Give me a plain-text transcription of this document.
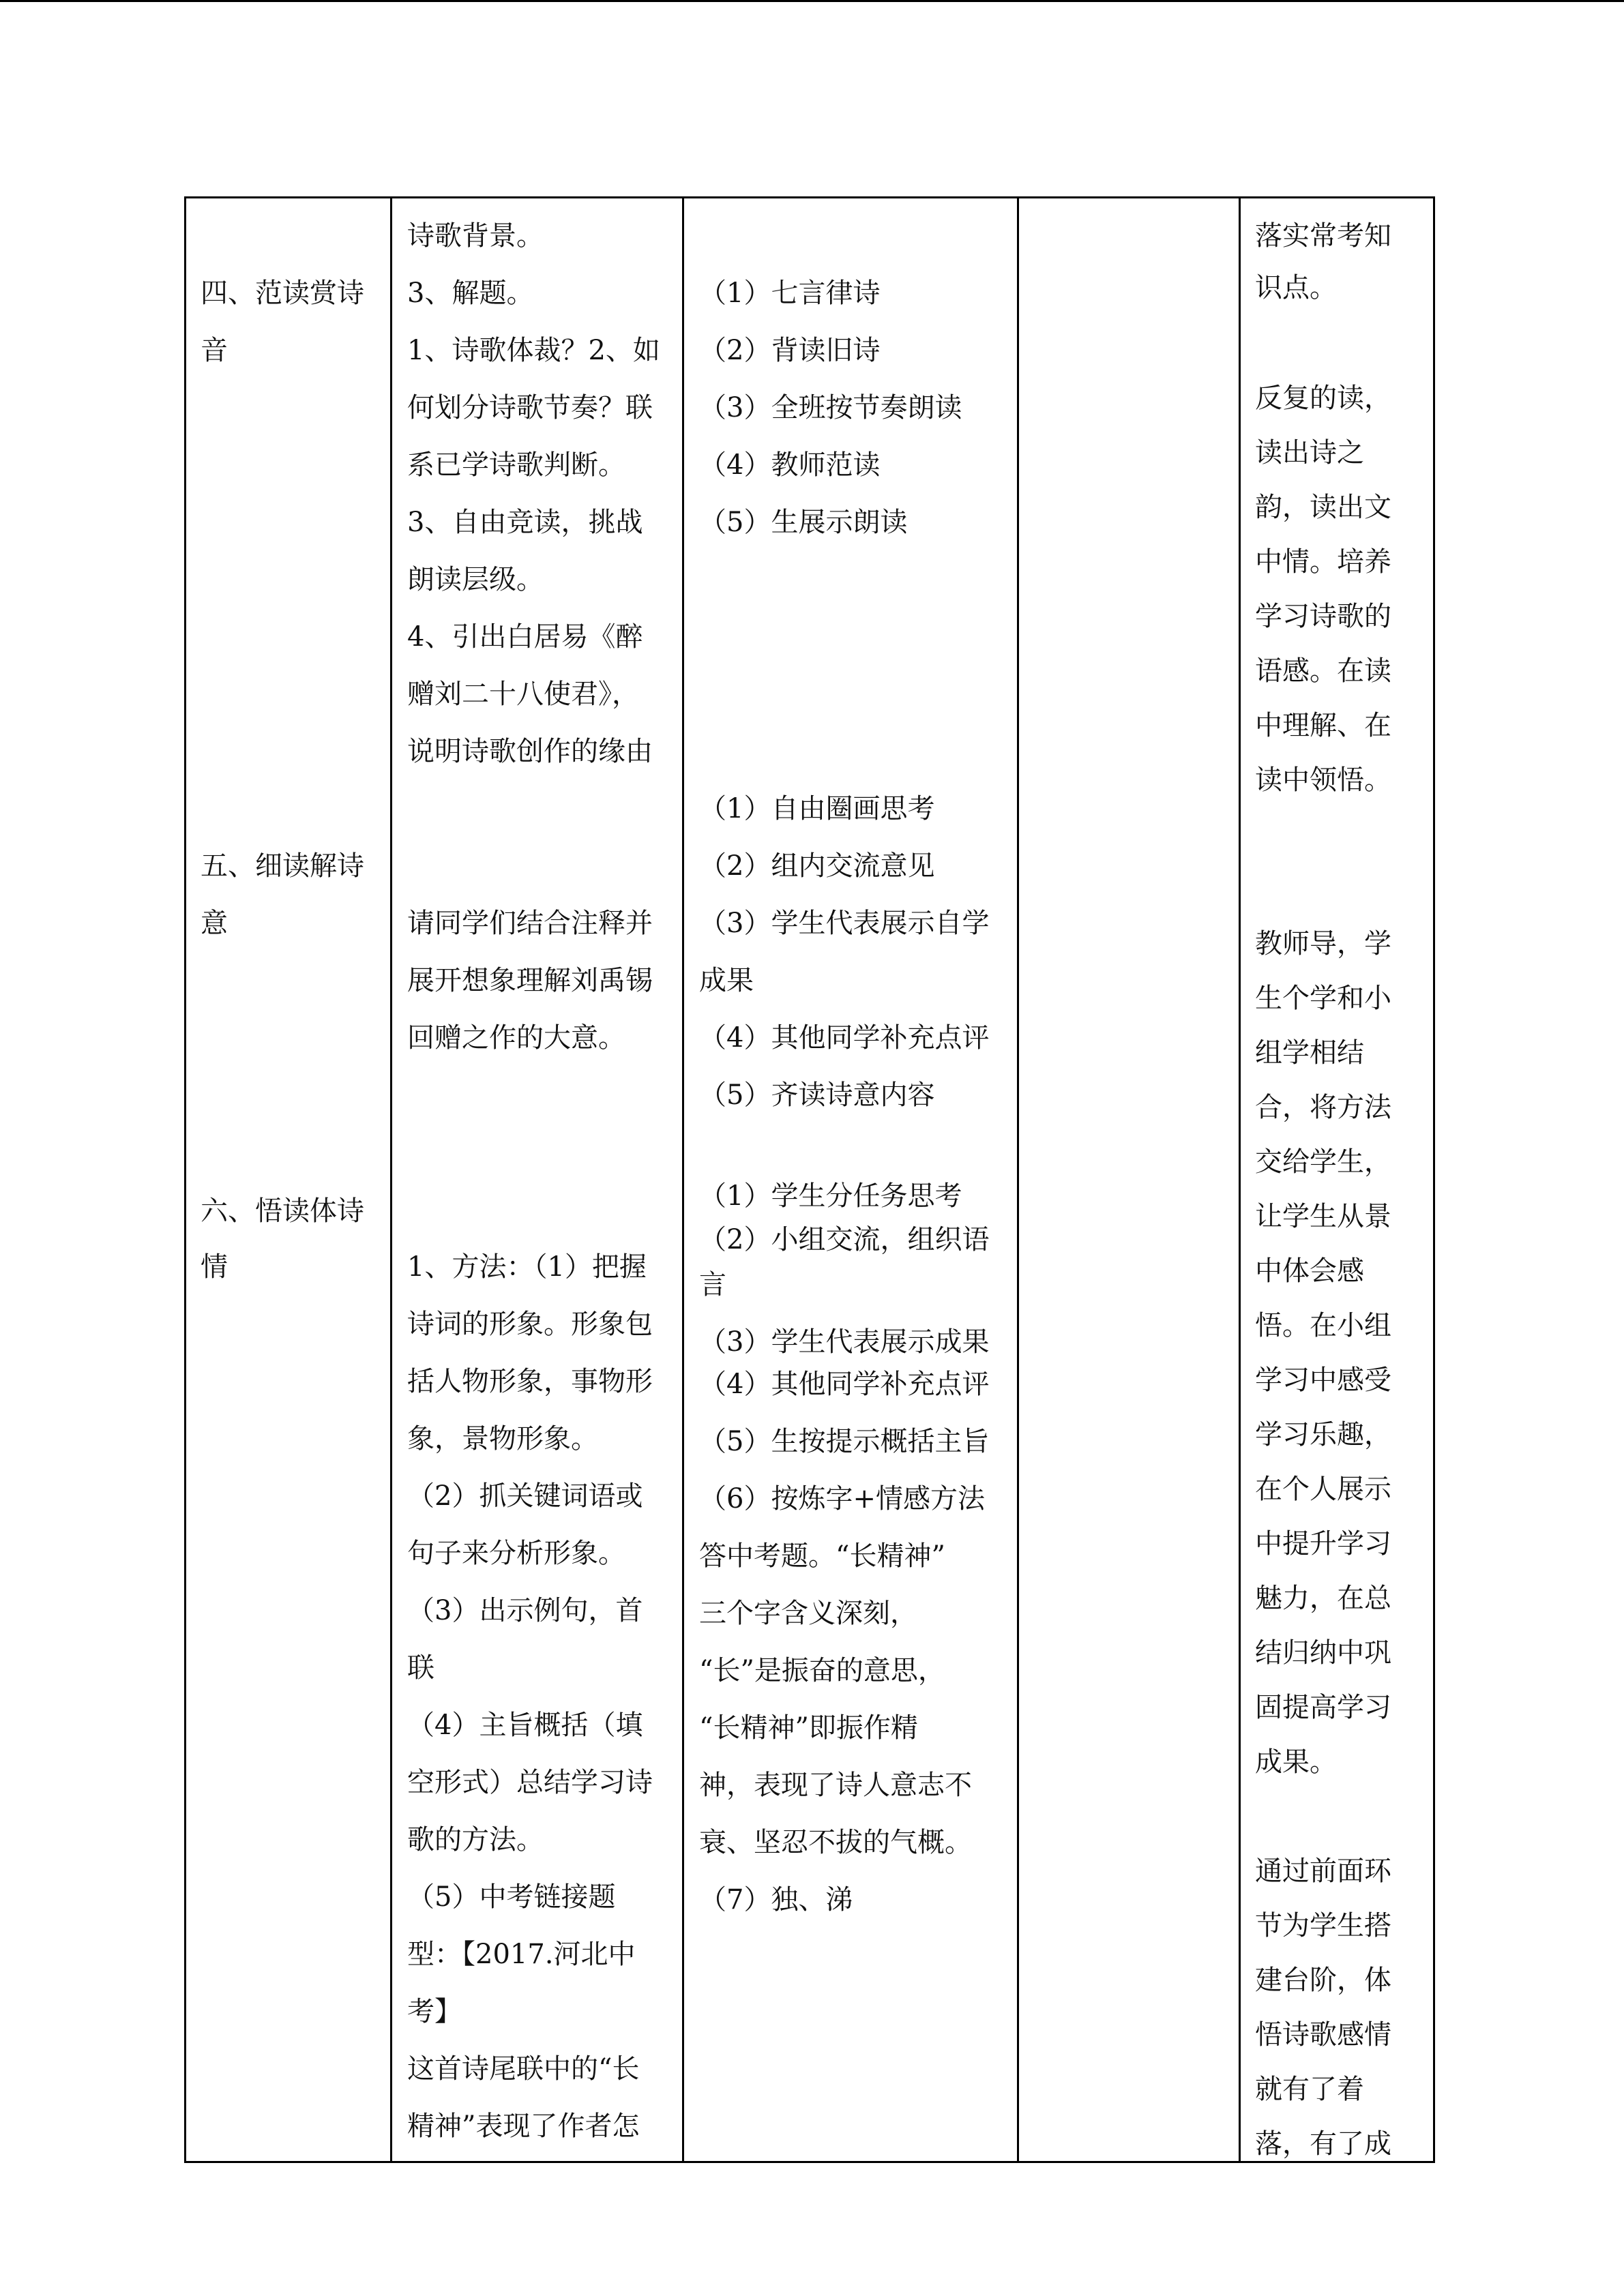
四、范读赏诗
音
五、细读解诗
意
六、悟读体诗
情
诗歌背景。
3、解题。
1、诗歌体裁？2、如
何划分诗歌节奏？联
系已学诗歌判断。
3、自由竞读，挑战
朗读层级。
4、引出白居易《醉
赠刘二十八使君》，
说明诗歌创作的缘由
请同学们结合注释并
展开想象理解刘禹锡
回赠之作的大意。
1、方法：（1）把握
诗词的形象。形象包
括人物形象，事物形
象，景物形象。
（2）抓关键词语或
句子来分析形象。
（3）出示例句，首
联
（4）主旨概括（填
空形式）总结学习诗
歌的方法。
（5）中考链接题
型：【2017.河北中
考】
这首诗尾联中的“长
精神”表现了作者怎
（1）七言律诗
（2）背读旧诗
（3）全班按节奏朗读
（4）教师范读
（5）生展示朗读
（1）自由圈画思考
（2）组内交流意见
（3）学生代表展示自学
成果
（4）其他同学补充点评
（5）齐读诗意内容
（1）学生分任务思考
（2）小组交流，组织语
言
（3）学生代表展示成果
（4）其他同学补充点评
（5）生按提示概括主旨
（6）按炼字+情感方法
答中考题。“长精神”
三个字含义深刻，
“长”是振奋的意思，
“长精神”即振作精
神，表现了诗人意志不
衰、坚忍不拔的气概。
（7）独、涕
落实常考知
识点。
反复的读，
读出诗之
韵，读出文
中情。培养
学习诗歌的
语感。在读
中理解、在
读中领悟。
教师导，学
生个学和小
组学相结
合，将方法
交给学生，
让学生从景
中体会感
悟。在小组
学习中感受
学习乐趣，
在个人展示
中提升学习
魅力，在总
结归纳中巩
固提高学习
成果。
通过前面环
节为学生搭
建台阶，体
悟诗歌感情
就有了着
落，有了成
